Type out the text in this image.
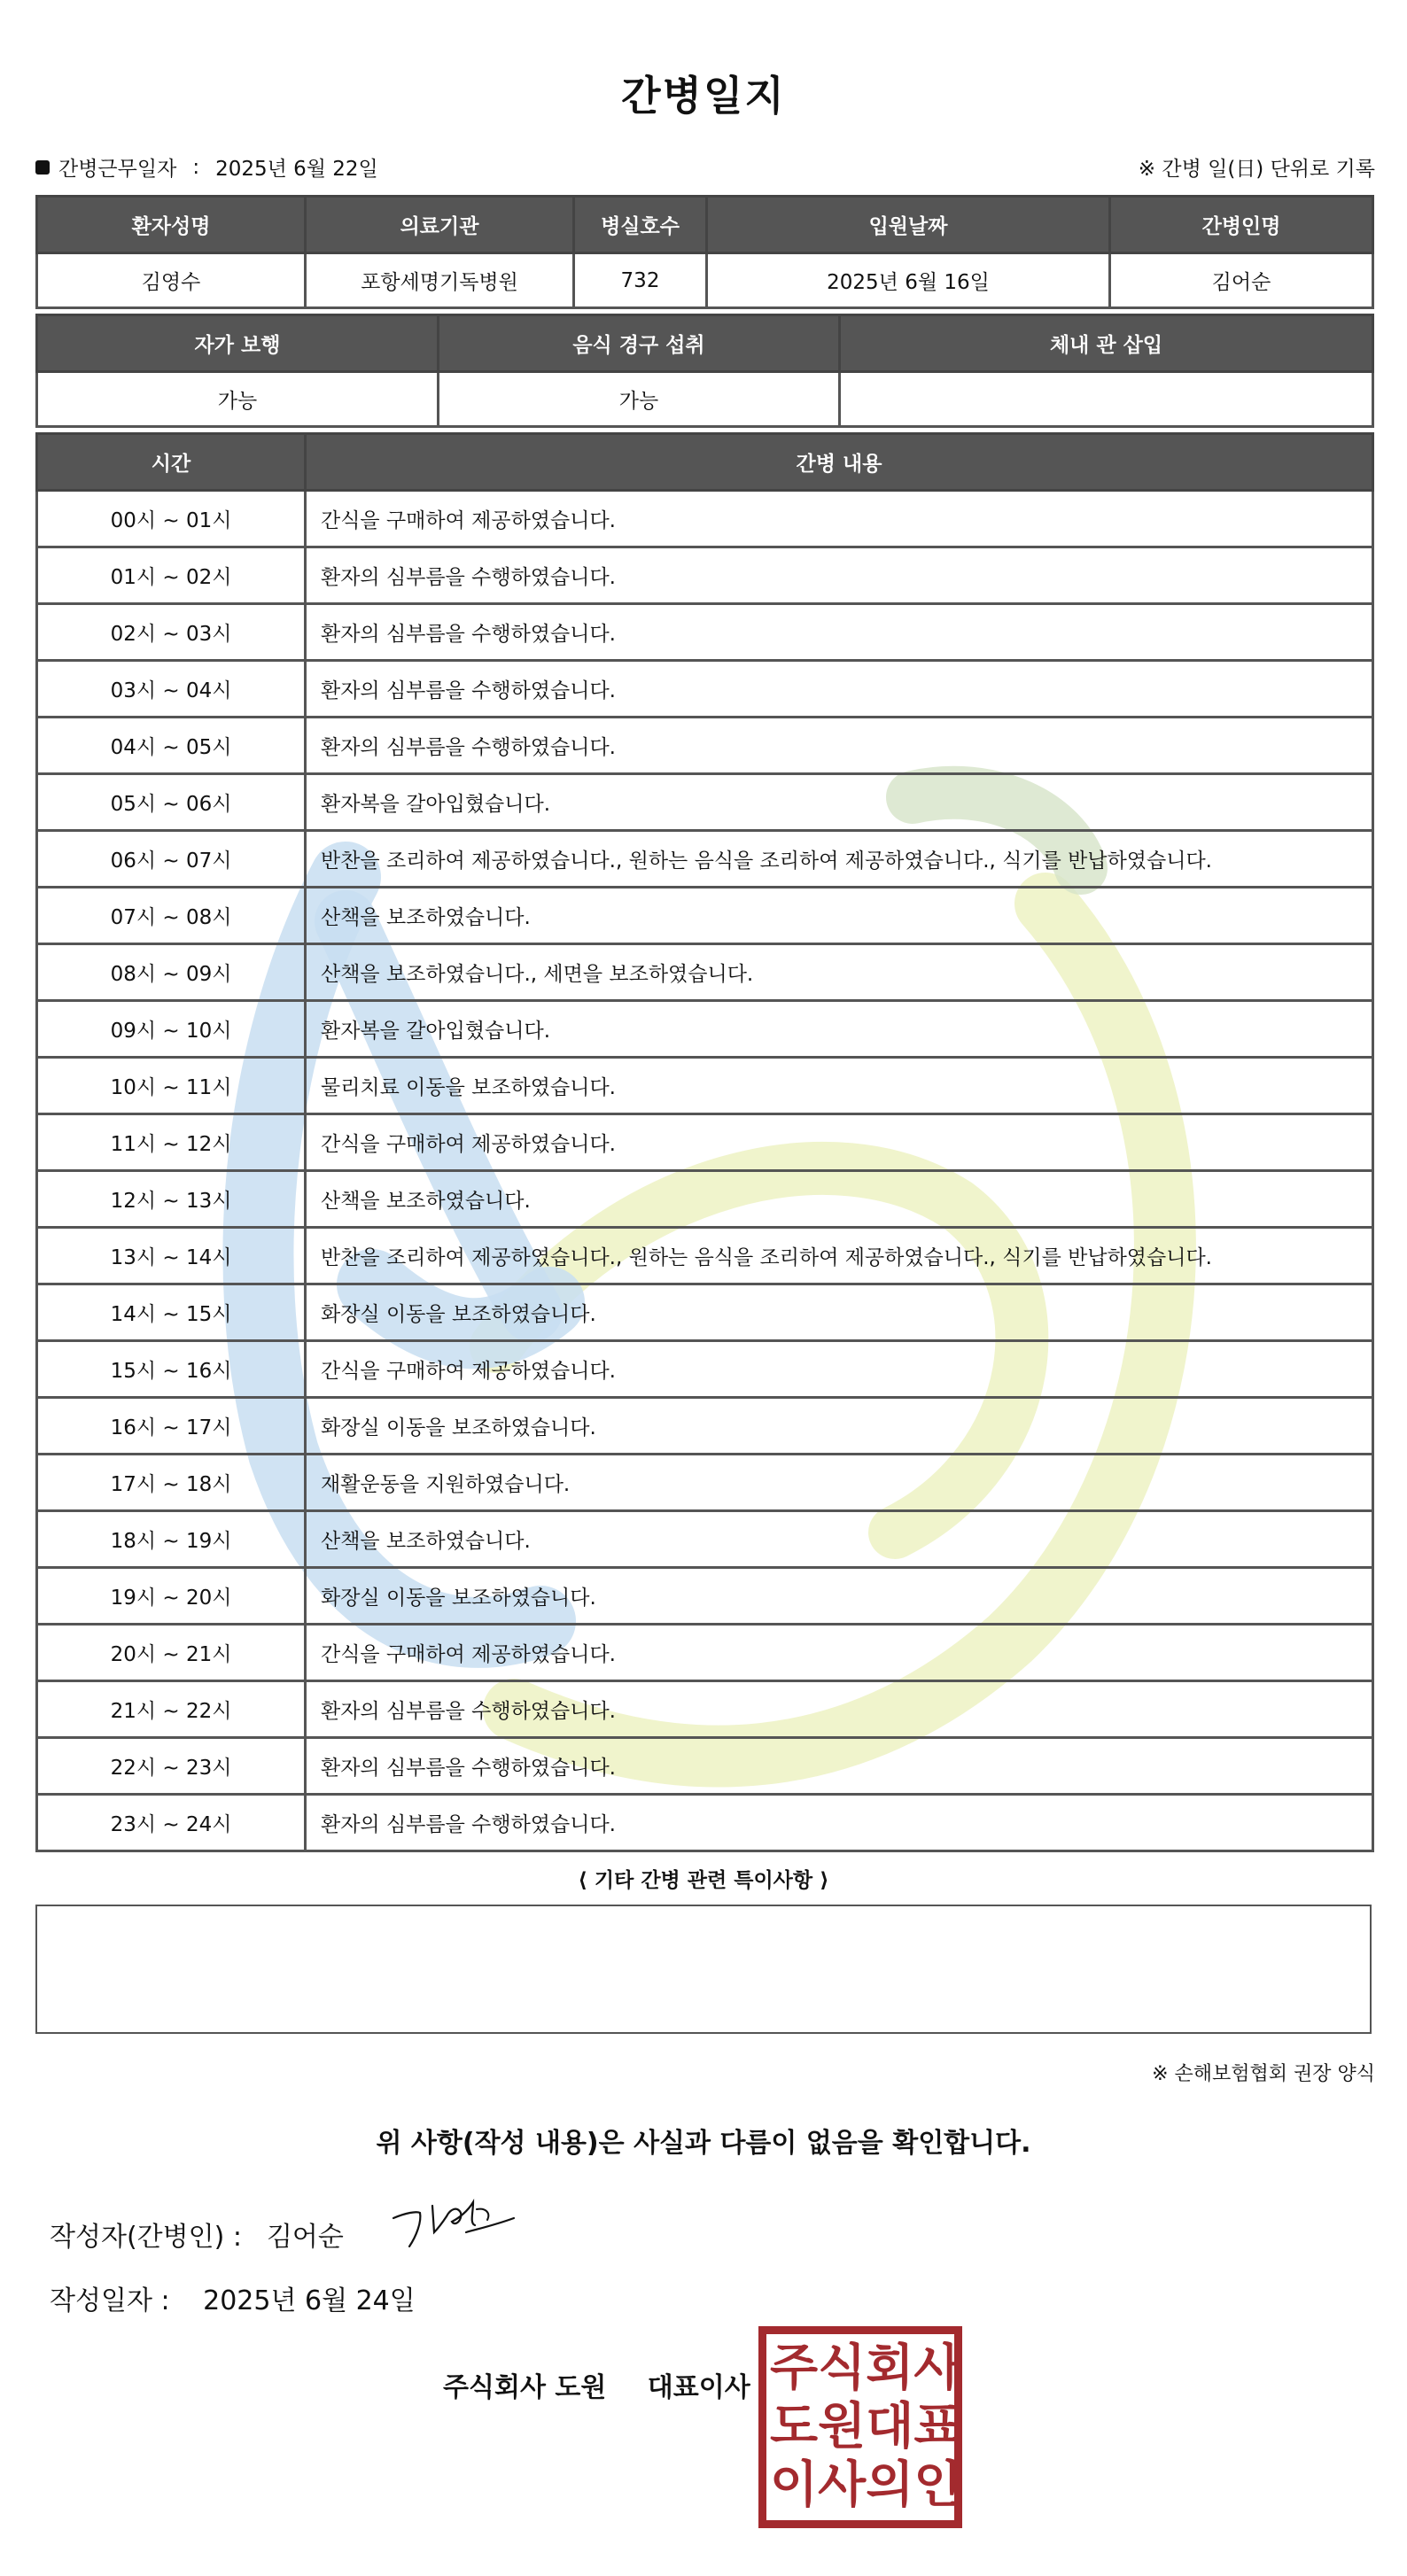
간병일지
간병근무일자 : 2025년 6월 22일	※ 간병 일(日) 단위로 기록
환자성명	의료기관	병실호수	입원날짜	간병인명
김영수	포항세명기독병원	732	2025년 6월 16일	김어순
자가 보행	음식 경구 섭취	체내 관 삽입
가능	가능	
시간	간병 내용
00시 ~ 01시	간식을 구매하여 제공하였습니다.
01시 ~ 02시	환자의 심부름을 수행하였습니다.
02시 ~ 03시	환자의 심부름을 수행하였습니다.
03시 ~ 04시	환자의 심부름을 수행하였습니다.
04시 ~ 05시	환자의 심부름을 수행하였습니다.
05시 ~ 06시	환자복을 갈아입혔습니다.
06시 ~ 07시	반찬을 조리하여 제공하였습니다., 원하는 음식을 조리하여 제공하였습니다., 식기를 반납하였습니다.
07시 ~ 08시	산책을 보조하였습니다.
08시 ~ 09시	산책을 보조하였습니다., 세면을 보조하였습니다.
09시 ~ 10시	환자복을 갈아입혔습니다.
10시 ~ 11시	물리치료 이동을 보조하였습니다.
11시 ~ 12시	간식을 구매하여 제공하였습니다.
12시 ~ 13시	산책을 보조하였습니다.
13시 ~ 14시	반찬을 조리하여 제공하였습니다., 원하는 음식을 조리하여 제공하였습니다., 식기를 반납하였습니다.
14시 ~ 15시	화장실 이동을 보조하였습니다.
15시 ~ 16시	간식을 구매하여 제공하였습니다.
16시 ~ 17시	화장실 이동을 보조하였습니다.
17시 ~ 18시	재활운동을 지원하였습니다.
18시 ~ 19시	산책을 보조하였습니다.
19시 ~ 20시	화장실 이동을 보조하였습니다.
20시 ~ 21시	간식을 구매하여 제공하였습니다.
21시 ~ 22시	환자의 심부름을 수행하였습니다.
22시 ~ 23시	환자의 심부름을 수행하였습니다.
23시 ~ 24시	환자의 심부름을 수행하였습니다.
⟨ 기타 간병 관련 특이사항 ⟩
※ 손해보험협회 권장 양식
위 사항(작성 내용)은 사실과 다름이 없음을 확인합니다.
작성자(간병인) : 김어순
작성일자 : 2025년 6월 24일
주식회사 도원 대표이사 주 식 회 사
도 원 대 표
이 사 의 인
